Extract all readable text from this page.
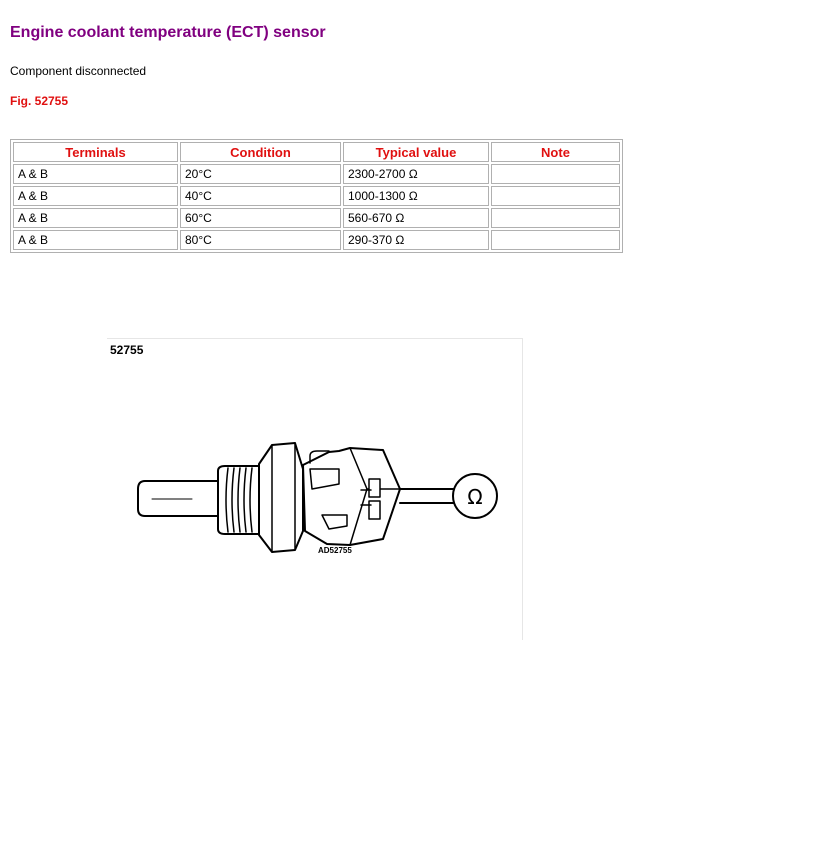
Engine coolant temperature (ECT) sensor
Component disconnected
Fig. 52755
Terminals	Condition	Typical value	Note
A & B	20°C	2300-2700 Ω	
A & B	40°C	1000-1300 Ω	
A & B	60°C	560-670 Ω	
A & B	80°C	290-370 Ω	
Ω
52755
AD52755
